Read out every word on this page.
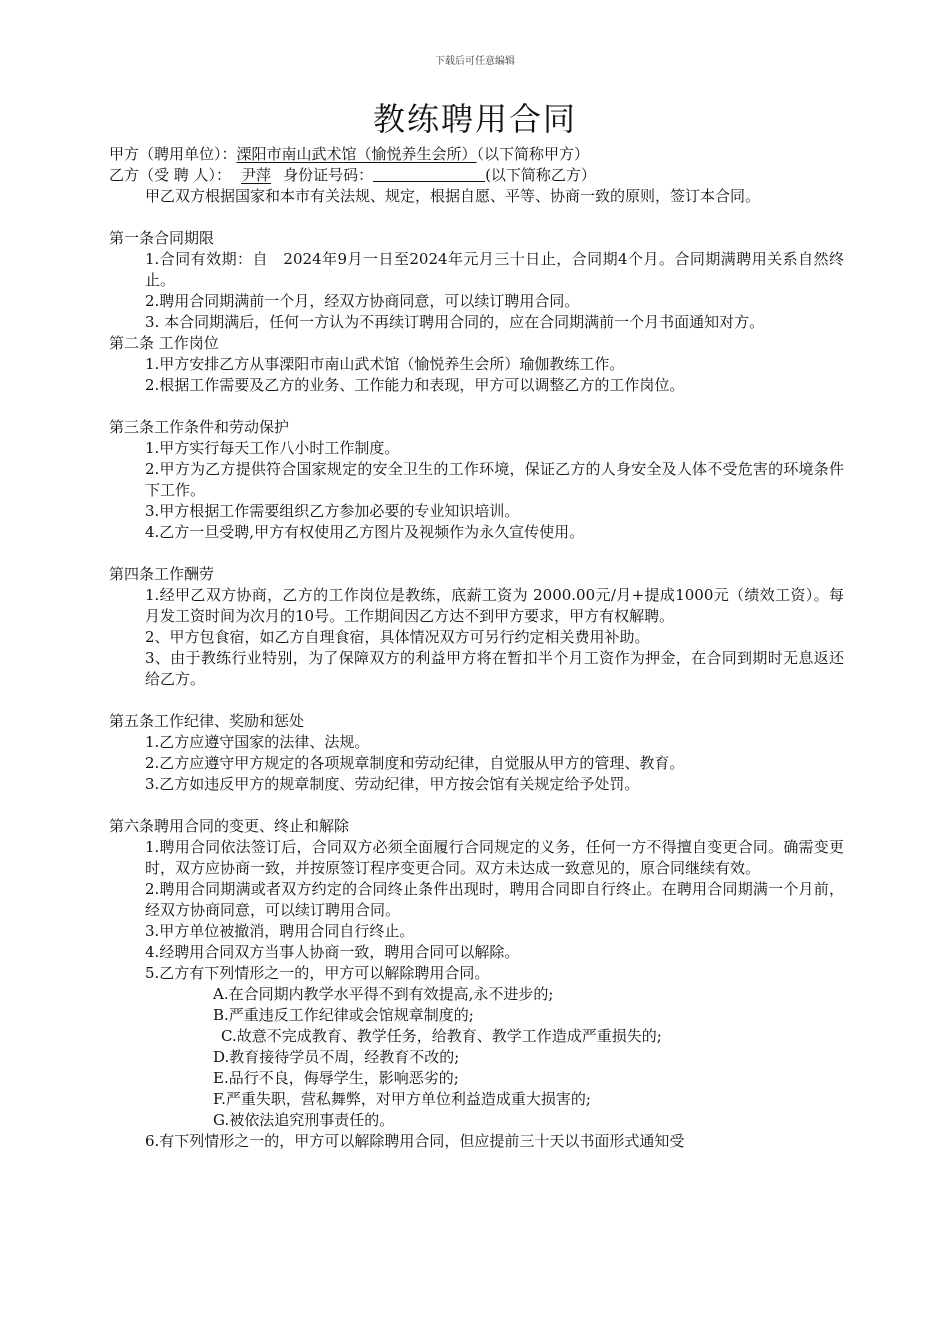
下载后可任意编辑
教练聘用合同
甲方（聘用单位）：溧阳市南山武术馆（愉悦养生会所）（以下简称甲方）
乙方（受 聘 人）： 尹萍 身份证号码：	(以下简称乙方）
甲乙双方根据国家和本市有关法规、规定，根据自愿、平等、协商一致的原则，签订本合同。
第一条合同期限
1.合同有效期：自　2024年9月一日至2024年元月三十日止，合同期4个月。合同期满聘用关系自然终止。
2.聘用合同期满前一个月，经双方协商同意，可以续订聘用合同。
3. 本合同期满后，任何一方认为不再续订聘用合同的，应在合同期满前一个月书面通知对方。
第二条 工作岗位
1.甲方安排乙方从事溧阳市南山武术馆（愉悦养生会所）瑜伽教练工作。
2.根据工作需要及乙方的业务、工作能力和表现，甲方可以调整乙方的工作岗位。
第三条工作条件和劳动保护
1.甲方实行每天工作八小时工作制度。
2.甲方为乙方提供符合国家规定的安全卫生的工作环境，保证乙方的人身安全及人体不受危害的环境条件下工作。
3.甲方根据工作需要组织乙方参加必要的专业知识培训。
4.乙方一旦受聘,甲方有权使用乙方图片及视频作为永久宣传使用。
第四条工作酬劳
1.经甲乙双方协商，乙方的工作岗位是教练，底薪工资为 2000.00元/月+提成1000元（绩效工资）。每月发工资时间为次月的10号。工作期间因乙方达不到甲方要求，甲方有权解聘。
2、甲方包食宿，如乙方自理食宿，具体情况双方可另行约定相关费用补助。
3、由于教练行业特别，为了保障双方的利益甲方将在暂扣半个月工资作为押金，在合同到期时无息返还给乙方。
第五条工作纪律、奖励和惩处
1.乙方应遵守国家的法律、法规。
2.乙方应遵守甲方规定的各项规章制度和劳动纪律，自觉服从甲方的管理、教育。
3.乙方如违反甲方的规章制度、劳动纪律，甲方按会馆有关规定给予处罚。
第六条聘用合同的变更、终止和解除
1.聘用合同依法签订后，合同双方必须全面履行合同规定的义务，任何一方不得擅自变更合同。确需变更时，双方应协商一致，并按原签订程序变更合同。双方未达成一致意见的，原合同继续有效。
2.聘用合同期满或者双方约定的合同终止条件出现时，聘用合同即自行终止。在聘用合同期满一个月前，经双方协商同意，可以续订聘用合同。
3.甲方单位被撤消，聘用合同自行终止。
4.经聘用合同双方当事人协商一致，聘用合同可以解除。
5.乙方有下列情形之一的，甲方可以解除聘用合同。
A.在合同期内教学水平得不到有效提高,永不进步的;
B.严重违反工作纪律或会馆规章制度的;
C.故意不完成教育、教学任务，给教育、教学工作造成严重损失的;
D.教育接待学员不周，经教育不改的;
E.品行不良，侮辱学生，影响恶劣的;
F.严重失职，营私舞弊，对甲方单位利益造成重大损害的;
G.被依法追究刑事责任的。
6.有下列情形之一的，甲方可以解除聘用合同，但应提前三十天以书面形式通知受
